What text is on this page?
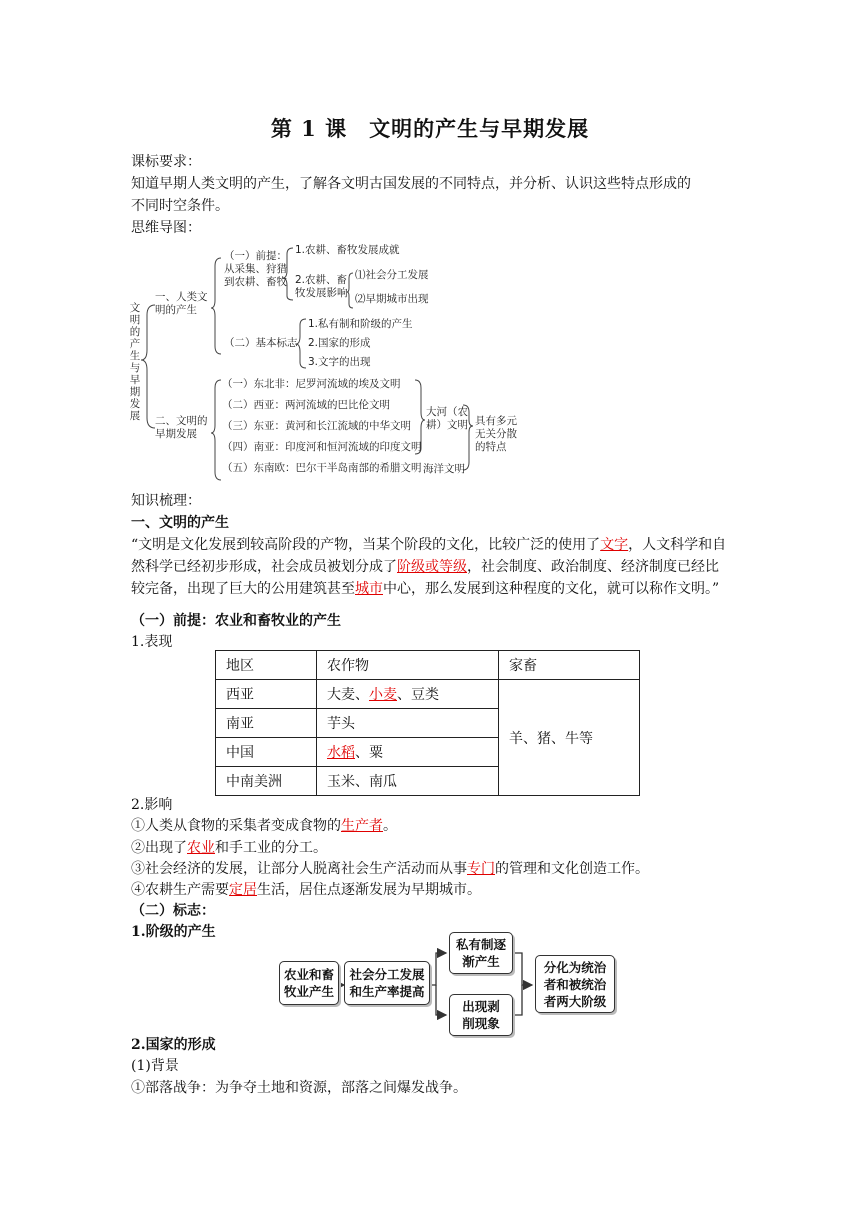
第 1 课　文明的产生与早期发展
课标要求：
知道早期人类文明的产生，了解各文明古国发展的不同特点，并分析、认识这些特点形成的
不同时空条件。
思维导图：
文明的产生与早期发展
一、人类文
明的产生
（一）前提：
从采集、狩猎
到农耕、畜牧
1.农耕、畜牧发展成就
2.农耕、畜
牧发展影响
⑴社会分工发展
⑵早期城市出现
（二）基本标志
1.私有制和阶级的产生
2.国家的形成
3.文字的出现
二、文明的
早期发展
（一）东北非：尼罗河流域的埃及文明
（二）西亚：两河流域的巴比伦文明
（三）东亚：黄河和长江流域的中华文明
（四）南亚：印度河和恒河流域的印度文明
（五）东南欧：巴尔干半岛南部的希腊文明
大河（农
耕）文明
海洋文明
具有多元
无关分散
的特点
知识梳理：
一、文明的产生
“文明是文化发展到较高阶段的产物，当某个阶段的文化，比较广泛的使用了文字，人文科学和自然科学已经初步形成，社会成员被划分成了阶级或等级，社会制度、政治制度、经济制度已经比较完备，出现了巨大的公用建筑甚至城市中心，那么发展到这种程度的文化，就可以称作文明。”
（一）前提：农业和畜牧业的产生
1.表现
地区	农作物	家畜
西亚	大麦、小麦、豆类	羊、猪、牛等
南亚	芋头	
中国	水稻、粟	
中南美洲	玉米、南瓜	
2.影响
①人类从食物的采集者变成食物的生产者。
②出现了农业和手工业的分工。
③社会经济的发展，让部分人脱离社会生产活动而从事专门的管理和文化创造工作。
④农耕生产需要定居生活，居住点逐渐发展为早期城市。
（二）标志：
1.阶级的产生
农业和畜
牧业产生
社会分工发展
和生产率提高
私有制逐
渐产生
出现剥
削现象
分化为统治
者和被统治
者两大阶级
2.国家的形成
(1)背景
①部落战争：为争夺土地和资源，部落之间爆发战争。
